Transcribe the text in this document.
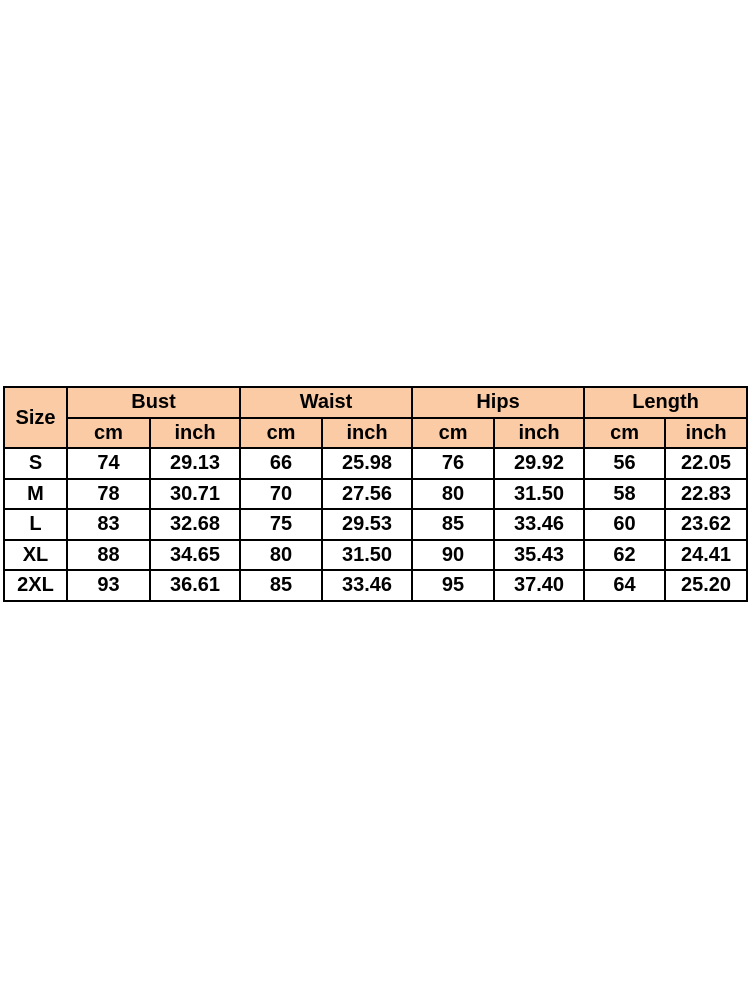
Size	Bust		Waist		Hips		Length	
	cm	inch	cm	inch	cm	inch	cm	inch
S	74	29.13	66	25.98	76	29.92	56	22.05
M	78	30.71	70	27.56	80	31.50	58	22.83
L	83	32.68	75	29.53	85	33.46	60	23.62
XL	88	34.65	80	31.50	90	35.43	62	24.41
2XL	93	36.61	85	33.46	95	37.40	64	25.20
